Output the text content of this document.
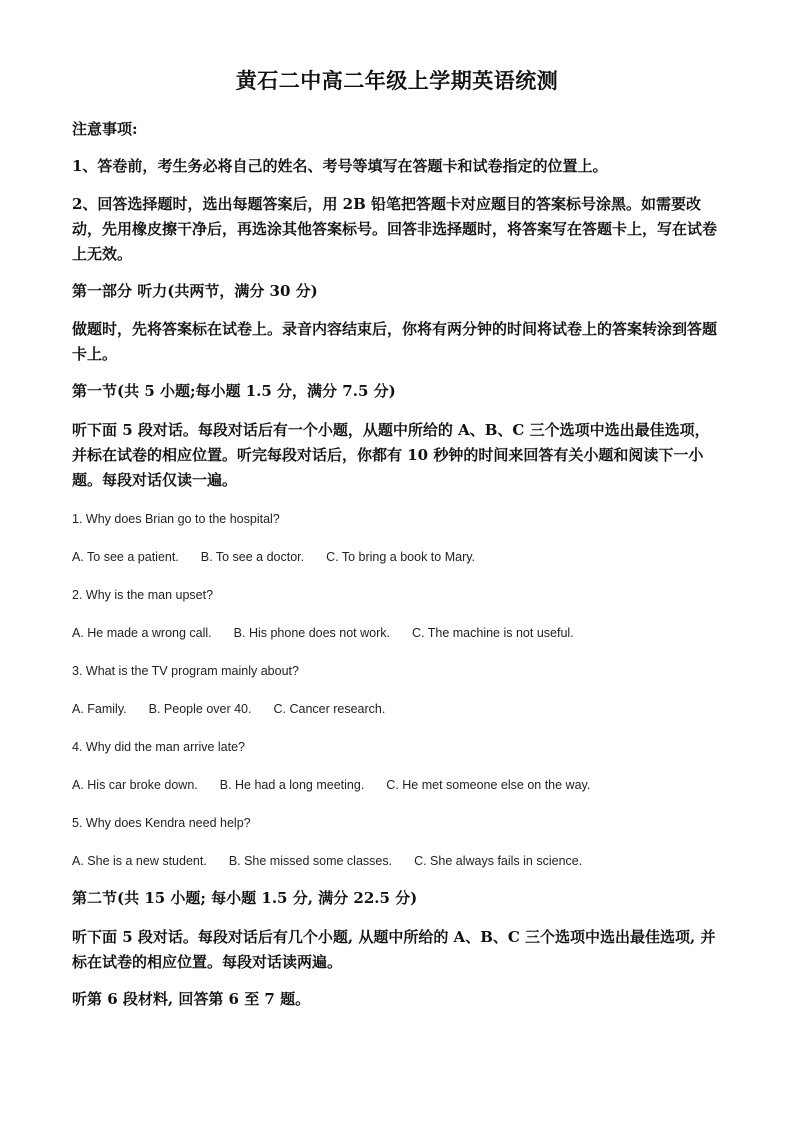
黄石二中高二年级上学期英语统测
注意事项:
1、答卷前，考生务必将自己的姓名、考号等填写在答题卡和试卷指定的位置上。
2、回答选择题时，选出每题答案后，用 2B 铅笔把答题卡对应题目的答案标号涂黑。如需要改动，先用橡皮擦干净后，再选涂其他答案标号。回答非选择题时，将答案写在答题卡上，写在试卷上无效。
第一部分 听力(共两节，满分 30 分)
做题时，先将答案标在试卷上。录音内容结束后，你将有两分钟的时间将试卷上的答案转涂到答题卡上。
第一节(共 5 小题;每小题 1.5 分，满分 7.5 分)
听下面 5 段对话。每段对话后有一个小题，从题中所给的 A、B、C 三个选项中选出最佳选项，并标在试卷的相应位置。听完每段对话后，你都有 10 秒钟的时间来回答有关小题和阅读下一小题。每段对话仅读一遍。
1. Why does Brian go to the hospital?
A. To see a patient. B. To see a doctor. C. To bring a book to Mary.
2. Why is the man upset?
A. He made a wrong call. B. His phone does not work. C. The machine is not useful.
3. What is the TV program mainly about?
A. Family. B. People over 40. C. Cancer research.
4. Why did the man arrive late?
A. His car broke down. B. He had a long meeting. C. He met someone else on the way.
5. Why does Kendra need help?
A. She is a new student. B. She missed some classes. C. She always fails in science.
第二节(共 15 小题; 每小题 1.5 分, 满分 22.5 分)
听下面 5 段对话。每段对话后有几个小题, 从题中所给的 A、B、C 三个选项中选出最佳选项, 并标在试卷的相应位置。每段对话读两遍。
听第 6 段材料, 回答第 6 至 7 题。
